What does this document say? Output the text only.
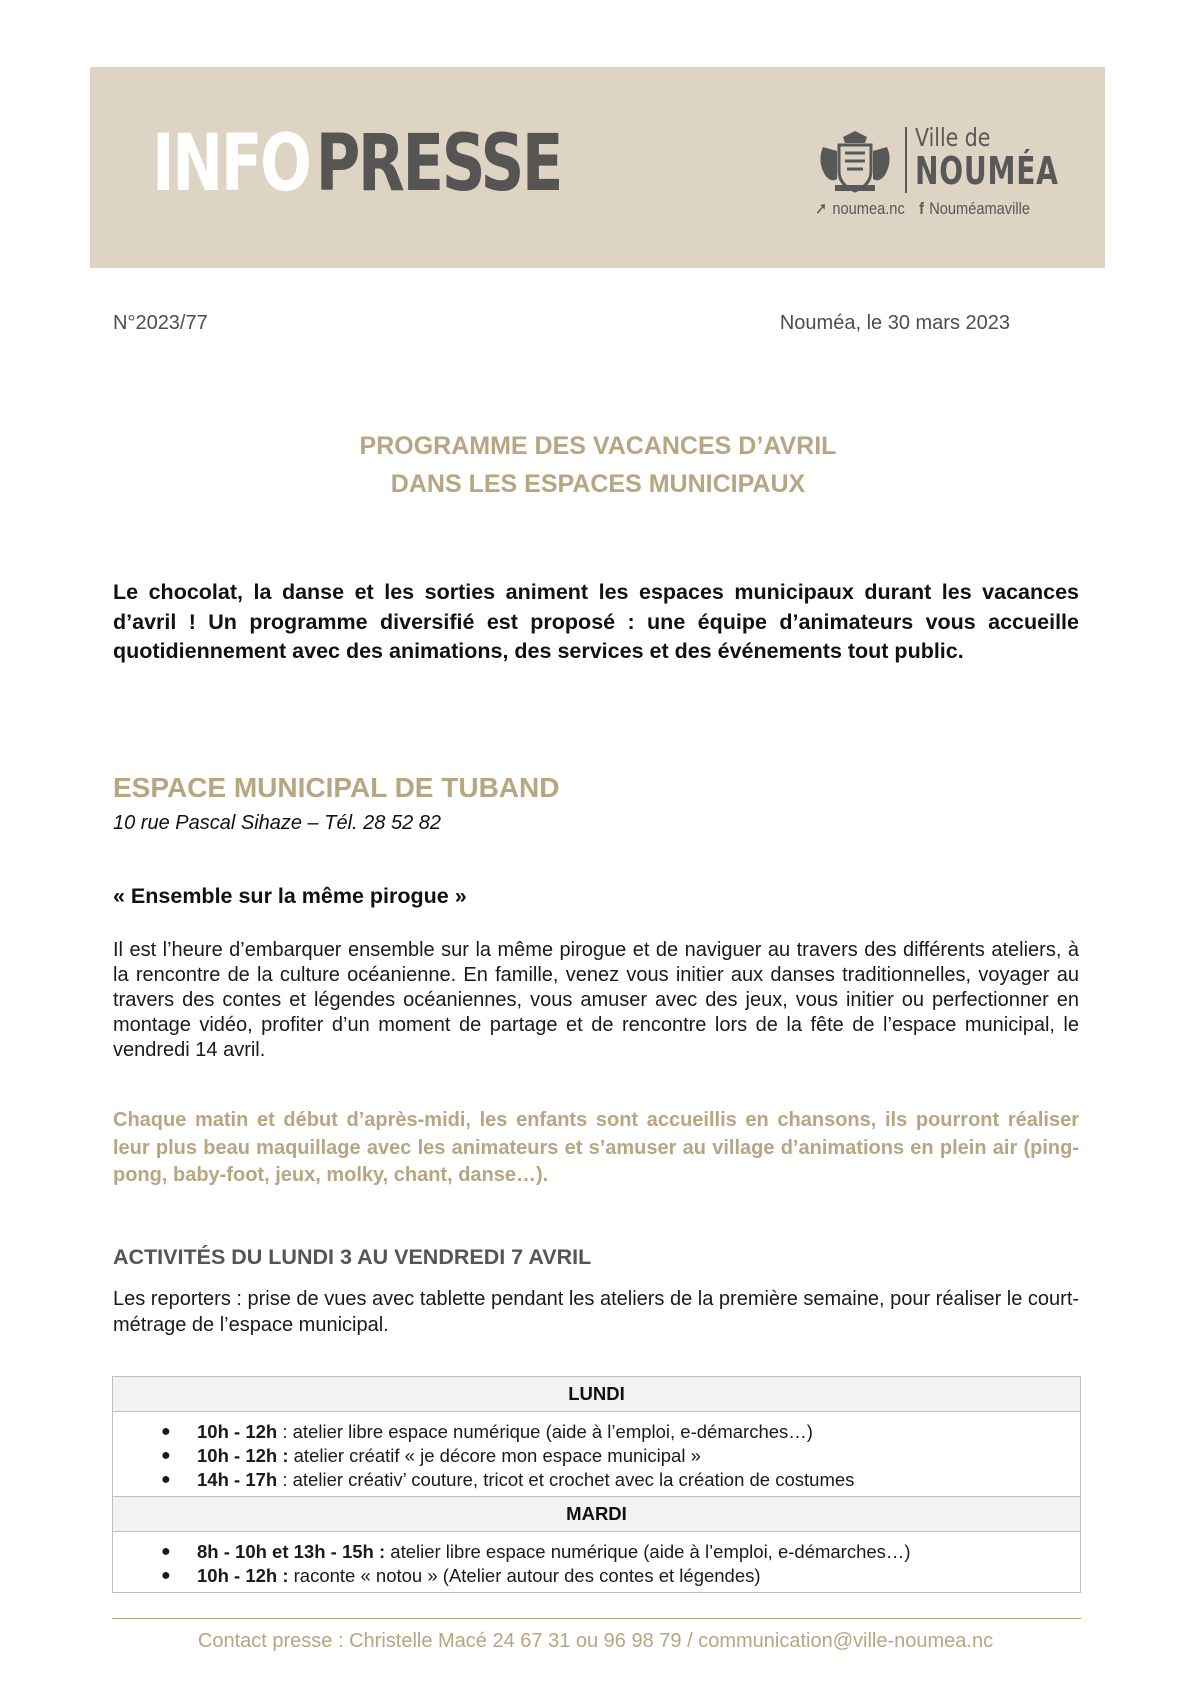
INFOPRESSE	Ville de
NOUMÉA
➚ noumea.nc f Nouméamaville
N°2023/77	Nouméa, le 30 mars 2023
PROGRAMME DES VACANCES D’AVRIL
DANS LES ESPACES MUNICIPAUX
Le chocolat, la danse et les sorties animent les espaces municipaux durant les vacances d’avril ! Un programme diversifié est proposé : une équipe d’animateurs vous accueille quotidiennement avec des animations, des services et des événements tout public.
ESPACE MUNICIPAL DE TUBAND
10 rue Pascal Sihaze – Tél. 28 52 82
« Ensemble sur la même pirogue »
Il est l’heure d’embarquer ensemble sur la même pirogue et de naviguer au travers des différents ateliers, à la rencontre de la culture océanienne. En famille, venez vous initier aux danses traditionnelles, voyager au travers des contes et légendes océaniennes, vous amuser avec des jeux, vous initier ou perfectionner en montage vidéo, profiter d’un moment de partage et de rencontre lors de la fête de l’espace municipal, le vendredi 14 avril.
Chaque matin et début d’après-midi, les enfants sont accueillis en chansons, ils pourront réaliser leur plus beau maquillage avec les animateurs et s’amuser au village d’animations en plein air (ping-pong, baby-foot, jeux, molky, chant, danse…).
ACTIVITÉS DU LUNDI 3 AU VENDREDI 7 AVRIL
Les reporters : prise de vues avec tablette pendant les ateliers de la première semaine, pour réaliser le court-métrage de l’espace municipal.
LUNDI
● 10h - 12h : atelier libre espace numérique (aide à l’emploi, e-démarches…)
● 10h - 12h : atelier créatif « je décore mon espace municipal »
● 14h - 17h : atelier créativ’ couture, tricot et crochet avec la création de costumes
MARDI
● 8h - 10h et 13h - 15h : atelier libre espace numérique (aide à l’emploi, e-démarches…)
● 10h - 12h : raconte « notou » (Atelier autour des contes et légendes)
Contact presse : Christelle Macé 24 67 31 ou 96 98 79 / communication@ville-noumea.nc
